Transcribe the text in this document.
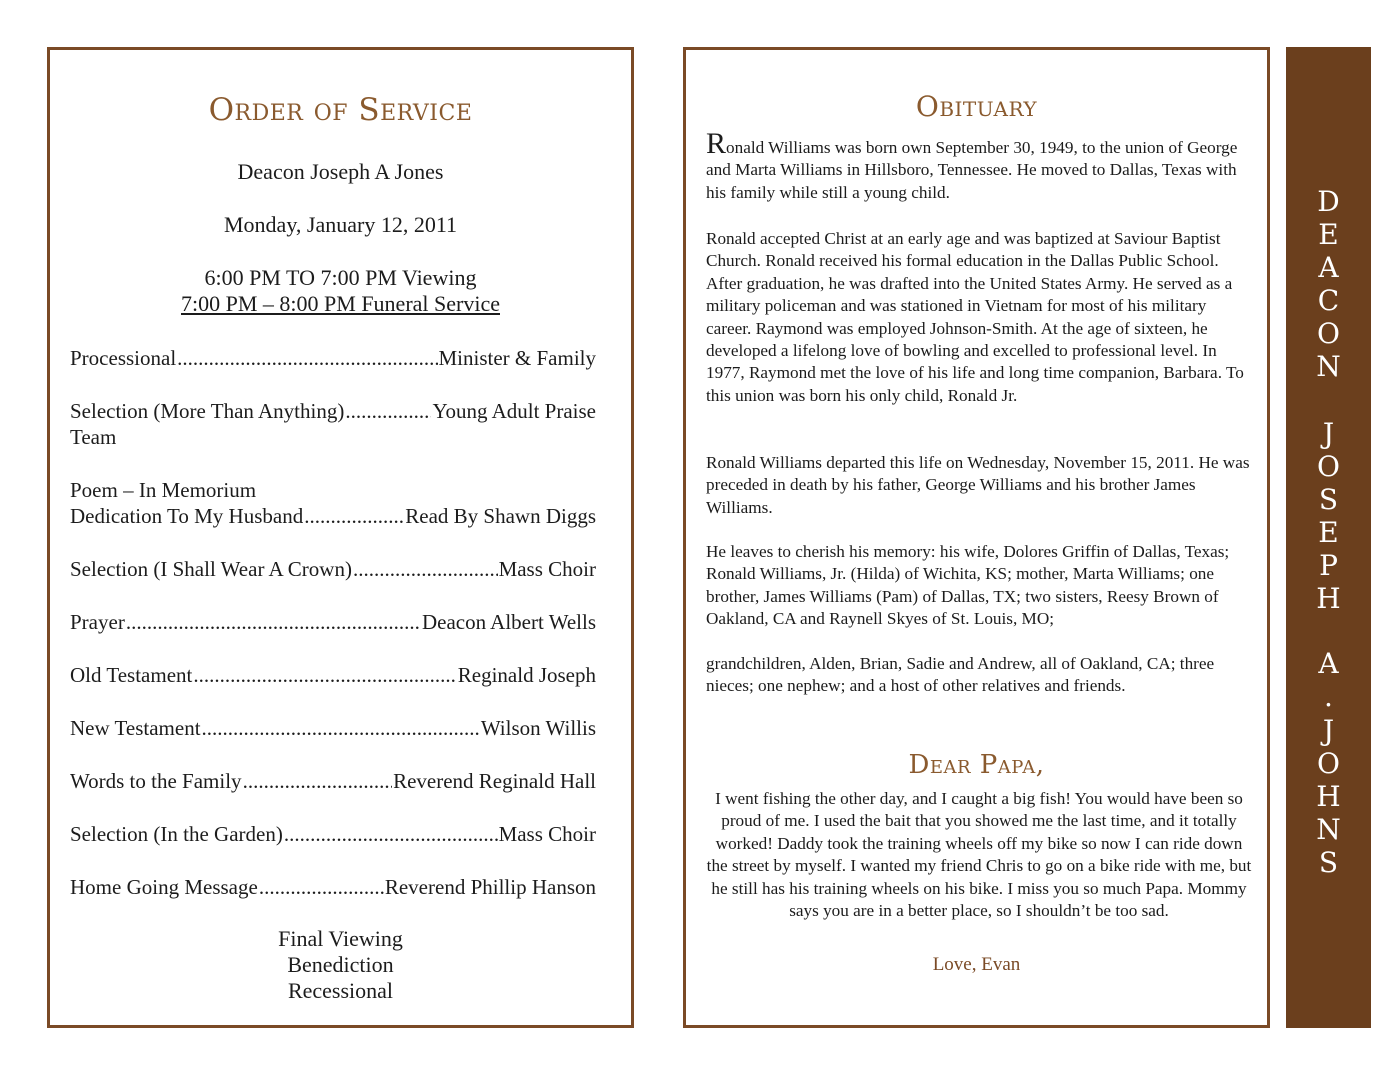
Order of Service
Deacon Joseph A Jones
Monday, January 12, 2011
6:00 PM TO 7:00 PM Viewing
7:00 PM – 8:00 PM Funeral Service
Processional .....	Minister & Family
Selection (More Than Anything) .....	Young Adult Praise
Team
Poem – In Memorium
Dedication To My Husband .....	Read By Shawn Diggs
Selection (I Shall Wear A Crown) .....	Mass Choir
Prayer .....	Deacon Albert Wells
Old Testament .....	Reginald Joseph
New Testament .....	Wilson Willis
Words to the Family .....	Reverend Reginald Hall
Selection (In the Garden) .....	Mass Choir
Home Going Message .....	Reverend Phillip Hanson
Final Viewing
Benediction
Recessional
Obituary
Ronald Williams was born own September 30, 1949, to the union of George and Marta Williams in Hillsboro, Tennessee. He moved to Dallas, Texas with his family while still a young child.
Ronald accepted Christ at an early age and was baptized at Saviour Baptist Church. Ronald received his formal education in the Dallas Public School. After graduation, he was drafted into the United States Army. He served as a military policeman and was stationed in Vietnam for most of his military career. Raymond was employed Johnson-Smith. At the age of sixteen, he developed a lifelong love of bowling and excelled to professional level. In 1977, Raymond met the love of his life and long time companion, Barbara. To this union was born his only child, Ronald Jr.
Ronald Williams departed this life on Wednesday, November 15, 2011. He was preceded in death by his father, George Williams and his brother James Williams.
He leaves to cherish his memory: his wife, Dolores Griffin of Dallas, Texas; Ronald Williams, Jr. (Hilda) of Wichita, KS; mother, Marta Williams; one brother, James Williams (Pam) of Dallas, TX; two sisters, Reesy Brown of Oakland, CA and Raynell Skyes of St. Louis, MO;
grandchildren, Alden, Brian, Sadie and Andrew, all of Oakland, CA; three nieces; one nephew; and a host of other relatives and friends.
Dear Papa,
I went fishing the other day, and I caught a big fish! You would have been so proud of me. I used the bait that you showed me the last time, and it totally worked! Daddy took the training wheels off my bike so now I can ride down the street by myself. I wanted my friend Chris to go on a bike ride with me, but he still has his training wheels on his bike. I miss you so much Papa. Mommy says you are in a better place, so I shouldn’t be too sad.
Love, Evan
D
E
A
C
O
N
J
O
S
E
P
H
A
.
J
O
H
N
S
